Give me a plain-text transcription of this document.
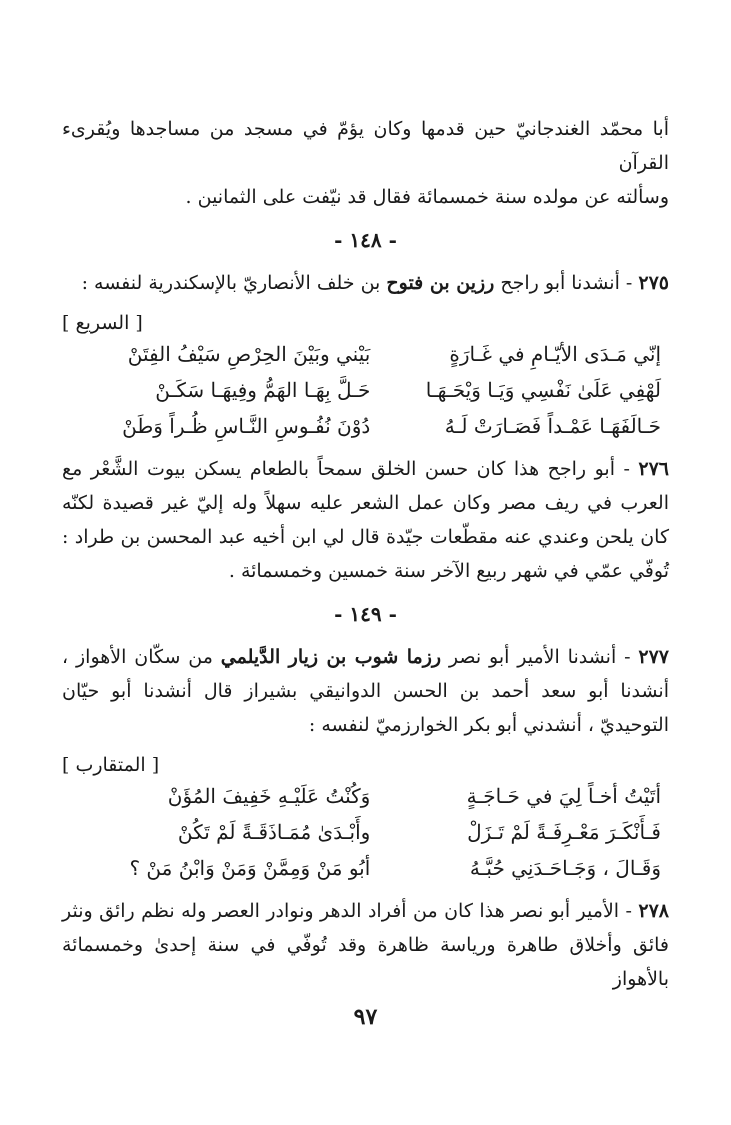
أبا محمّد الغندجانيّ حين قدمها وكان يؤمّ في مسجد من مساجدها ويُقرىء القرآن
وسألته عن مولده سنة خمسمائة فقال قد نيّفت على الثمانين .

- ١٤٨ -

٢٧٥ - أنشدنا أبو راجح رزين بن فتوح بن خلف الأنصاريّ بالإسكندرية لنفسه :

[ السريع ]
إنّي مَـدَى الأيّـامِ في غَـارَةٍ
بَيْني وبَيْنَ الحِرْصِ سَيْفُ الفِتَنْ
لَهْفِي عَلَىٰ نَفْسِي وَيَـا وَيْحَـهَـا
حَـلَّ بِهَـا الهَمُّ وفِيهَـا سَكَـنْ
حَـالَفَهَـا عَمْـداً فَصَـارَتْ لَـهُ
دُوْنَ نُفُـوسِ النَّـاسِ ظُـراً وَطَنْ

٢٧٦ - أبو راجح هذا كان حسن الخلق سمحاً بالطعام يسكن بيوت الشَّعْر مع العرب في ريف مصر وكان عمل الشعر عليه سهلاً وله إليّ غير قصيدة لكنّه كان يلحن وعندي عنه مقطّعات جيّدة قال لي ابن أخيه عبد المحسن بن طراد : تُوفّي عمّي في شهر ربيع الآخر سنة خمسين وخمسمائة .

- ١٤٩ -

٢٧٧ - أنشدنا الأمير أبو نصر رزما شوب بن زيار الدَّيلمي من سكّان الأهواز ، أنشدنا أبو سعد أحمد بن الحسن الدوانيقي بشيراز قال أنشدنا أبو حيّان التوحيديّ ، أنشدني أبو بكر الخوارزميّ لنفسه :

[ المتقارب ]
أتَيْتُ أخـاً لِيَ في حَـاجَـةٍ
وَكُنْتُ عَلَيْـهِ خَفِيفَ المُؤَنْ
فَـأَنْكَـرَ مَعْـرِفَـةً لَمْ تَـزَلْ
وأَبْـدَىٰ مُمَـاذَقَـةً لَمْ تَكُنْ
وَقَـالَ ، وَجَـاحَـدَنِي حُبَّـهُ
أبُو مَنْ وَمِمَّنْ وَمَنْ وَابْنُ مَنْ ؟

٢٧٨ - الأمير أبو نصر هذا كان من أفراد الدهر ونوادر العصر وله نظم رائق ونثر فائق وأخلاق طاهرة ورياسة ظاهرة وقد تُوفّي في سنة إحدىٰ وخمسمائة بالأهواز

٩٧
